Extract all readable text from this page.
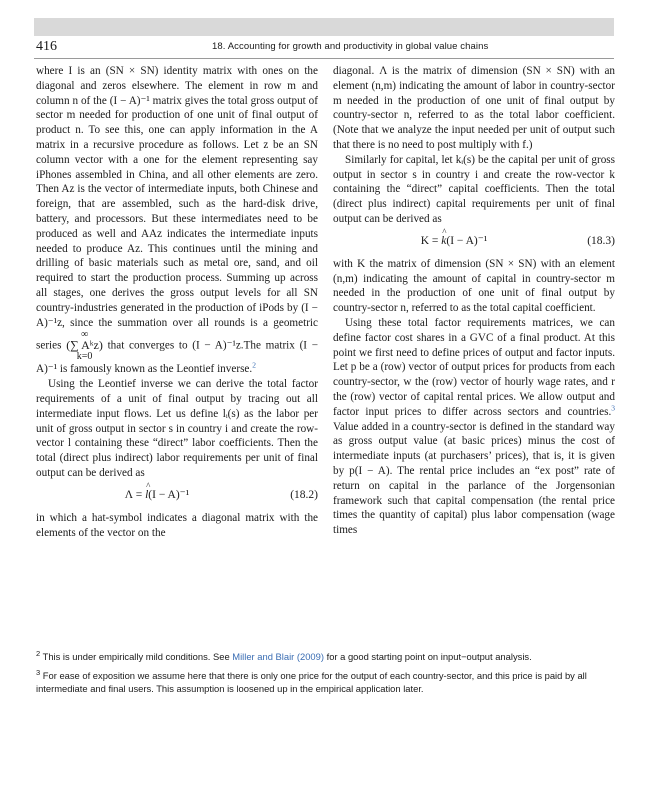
416	18. Accounting for growth and productivity in global value chains

where I is an (SN × SN) identity matrix with ones on the diagonal and zeros elsewhere. The element in row m and column n of the (I − A)⁻¹ matrix gives the total gross output of sector m needed for production of one unit of final output of product n. To see this, one can apply information in the A matrix in a recursive procedure as follows. Let z be an SN column vector with a one for the element representing say iPhones assembled in China, and all other elements are zero. Then Az is the vector of intermediate inputs, both Chinese and foreign, that are assembled, such as the hard-disk drive, battery, and processors. But these intermediates need to be produced as well and AAz indicates the intermediate inputs needed to produce Az. This continues until the mining and drilling of basic materials such as metal ore, sand, and oil required to start the production process. Summing up across all stages, one derives the gross output levels for all SN country-industries generated in the production of iPods by (I − A)⁻¹z, since the summation over all rounds is a geometric series ∞
(∑ Aᵏz)
k=0 that converges to (I − A)⁻¹z.The matrix (I − A)⁻¹ is famously known as the Leontief inverse.$^2$

Using the Leontief inverse we can derive the total factor requirements of a unit of final output by tracing out all intermediate input flows. Let us define lᵢ(s) as the labor per unit of gross output in sector s in country i and create the row-vector l containing these “direct” labor coefficients. Then the total (direct plus indirect) labor requirements per unit of final output can be derived as

Λ = ^ l(I − A)⁻¹	(18.2)

in which a hat-symbol indicates a diagonal matrix with the elements of the vector on the

diagonal. Λ is the matrix of dimension (SN × SN) with an element (n,m) indicating the amount of labor in country-sector m needed in the production of one unit of final output by country-sector n, referred to as the total labor coefficient. (Note that we analyze the input needed per unit of output such that there is no need to post multiply with f.)

Similarly for capital, let kᵢ(s) be the capital per unit of gross output in sector s in country i and create the row-vector k containing the “direct” capital coefficients. Then the total (direct plus indirect) capital requirements per unit of final output can be derived as

K = ^ k(I − A)⁻¹	(18.3)

with K the matrix of dimension (SN × SN) with an element (n,m) indicating the amount of capital in country-sector m needed in the production of one unit of final output by country-sector n, referred to as the total capital coefficient.

Using these total factor requirements matrices, we can define factor cost shares in a GVC of a final product. At this point we first need to define prices of output and factor inputs. Let p be a (row) vector of output prices for products from each country-sector, w the (row) vector of hourly wage rates, and r the (row) vector of capital rental prices. We allow output and factor input prices to differ across sectors and countries.$^3$ Value added in a country-sector is defined in the standard way as gross output value (at basic prices) minus the cost of intermediate inputs (at purchasers’ prices), that is, it is given by p(I − A). The rental price includes an “ex post” rate of return on capital in the parlance of the Jorgensonian framework such that capital compensation (the rental price times the quantity of capital) plus labor compensation (wage times

$^2$ This is under empirically mild conditions. See Miller and Blair (2009) for a good starting point on input−output analysis.

$^3$ For ease of exposition we assume here that there is only one price for the output of each country-sector, and this price is paid by all intermediate and final users. This assumption is loosened up in the empirical application later.
